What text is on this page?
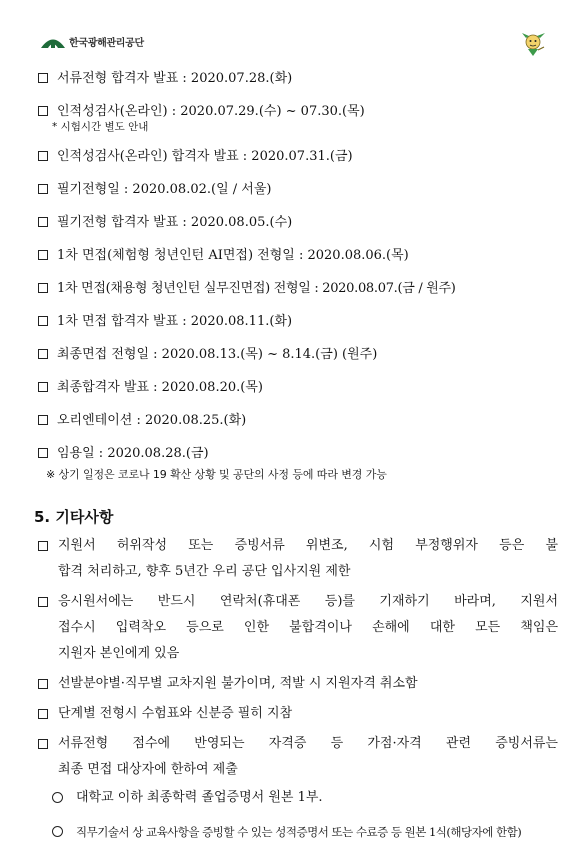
한국광해관리공단
서류전형 합격자 발표 : 2020.07.28.(화)
인적성검사(온라인) : 2020.07.29.(수) ~ 07.30.(목)
* 시험시간 별도 안내
인적성검사(온라인) 합격자 발표 : 2020.07.31.(금)
필기전형일 : 2020.08.02.(일 / 서울)
필기전형 합격자 발표 : 2020.08.05.(수)
1차 면접(체험형 청년인턴 AI면접) 전형일 : 2020.08.06.(목)
1차 면접(채용형 청년인턴 실무진면접) 전형일 : 2020.08.07.(금 / 원주)
1차 면접 합격자 발표 : 2020.08.11.(화)
최종면접 전형일 : 2020.08.13.(목) ~ 8.14.(금) (원주)
최종합격자 발표 : 2020.08.20.(목)
오리엔테이션 : 2020.08.25.(화)
임용일 : 2020.08.28.(금)
※ 상기 일정은 코로나 19 확산 상황 및 공단의 사정 등에 따라 변경 가능
5. 기타사항
지원서 허위작성 또는 증빙서류 위변조, 시험 부정행위자 등은 불
합격 처리하고, 향후 5년간 우리 공단 입사지원 제한
응시원서에는 반드시 연락처(휴대폰 등)를 기재하기 바라며, 지원서
접수시 입력착오 등으로 인한 불합격이나 손해에 대한 모든 책임은
지원자 본인에게 있음
선발분야별·직무별 교차지원 불가이며, 적발 시 지원자격 취소함
단계별 전형시 수험표와 신분증 필히 지참
서류전형 점수에 반영되는 자격증 등 가점·자격 관련 증빙서류는
최종 면접 대상자에 한하여 제출
대학교 이하 최종학력 졸업증명서 원본 1부.
직무기술서 상 교육사항을 증빙할 수 있는 성적증명서 또는 수료증 등 원본 1식(해당자에 한함)
